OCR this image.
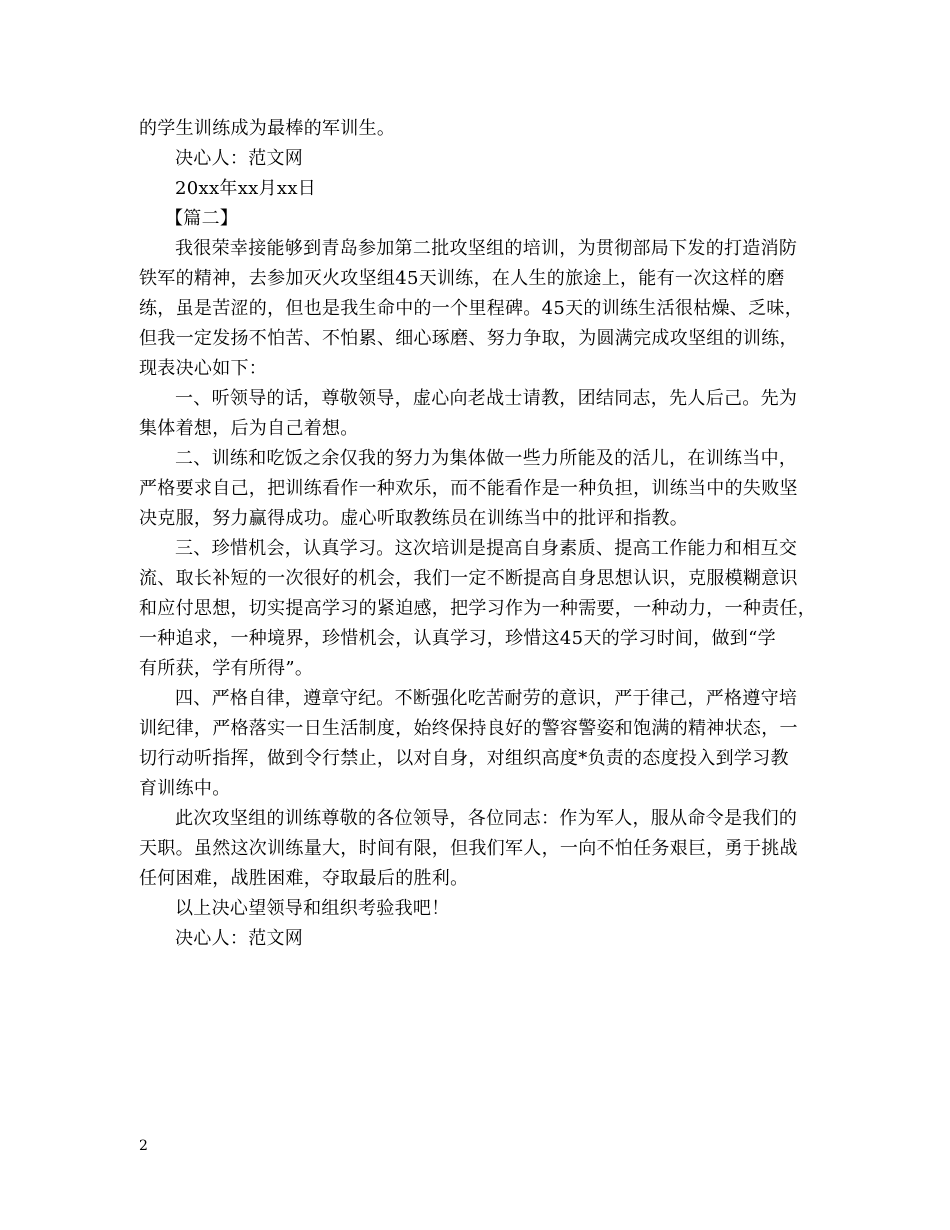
的学生训练成为最棒的军训生。
决心人：范文网
20xx年xx月xx日
【篇二】
我很荣幸接能够到青岛参加第二批攻坚组的培训，为贯彻部局下发的打造消防
铁军的精神，去参加灭火攻坚组45天训练，在人生的旅途上，能有一次这样的磨
练，虽是苦涩的，但也是我生命中的一个里程碑。45天的训练生活很枯燥、乏味，
但我一定发扬不怕苦、不怕累、细心琢磨、努力争取，为圆满完成攻坚组的训练，
现表决心如下：
一、听领导的话，尊敬领导，虚心向老战士请教，团结同志，先人后己。先为
集体着想，后为自己着想。
二、训练和吃饭之余仅我的努力为集体做一些力所能及的活儿，在训练当中，
严格要求自己，把训练看作一种欢乐，而不能看作是一种负担，训练当中的失败坚
决克服，努力赢得成功。虚心听取教练员在训练当中的批评和指教。
三、珍惜机会，认真学习。这次培训是提高自身素质、提高工作能力和相互交
流、取长补短的一次很好的机会，我们一定不断提高自身思想认识，克服模糊意识
和应付思想，切实提高学习的紧迫感，把学习作为一种需要，一种动力，一种责任，
一种追求，一种境界，珍惜机会，认真学习，珍惜这45天的学习时间，做到“学
有所获，学有所得”。
四、严格自律，遵章守纪。不断强化吃苦耐劳的意识，严于律己，严格遵守培
训纪律，严格落实一日生活制度，始终保持良好的警容警姿和饱满的精神状态，一
切行动听指挥，做到令行禁止，以对自身，对组织高度*负责的态度投入到学习教
育训练中。
此次攻坚组的训练尊敬的各位领导，各位同志：作为军人，服从命令是我们的
天职。虽然这次训练量大，时间有限，但我们军人，一向不怕任务艰巨，勇于挑战
任何困难，战胜困难，夺取最后的胜利。
以上决心望领导和组织考验我吧！
决心人：范文网
2
